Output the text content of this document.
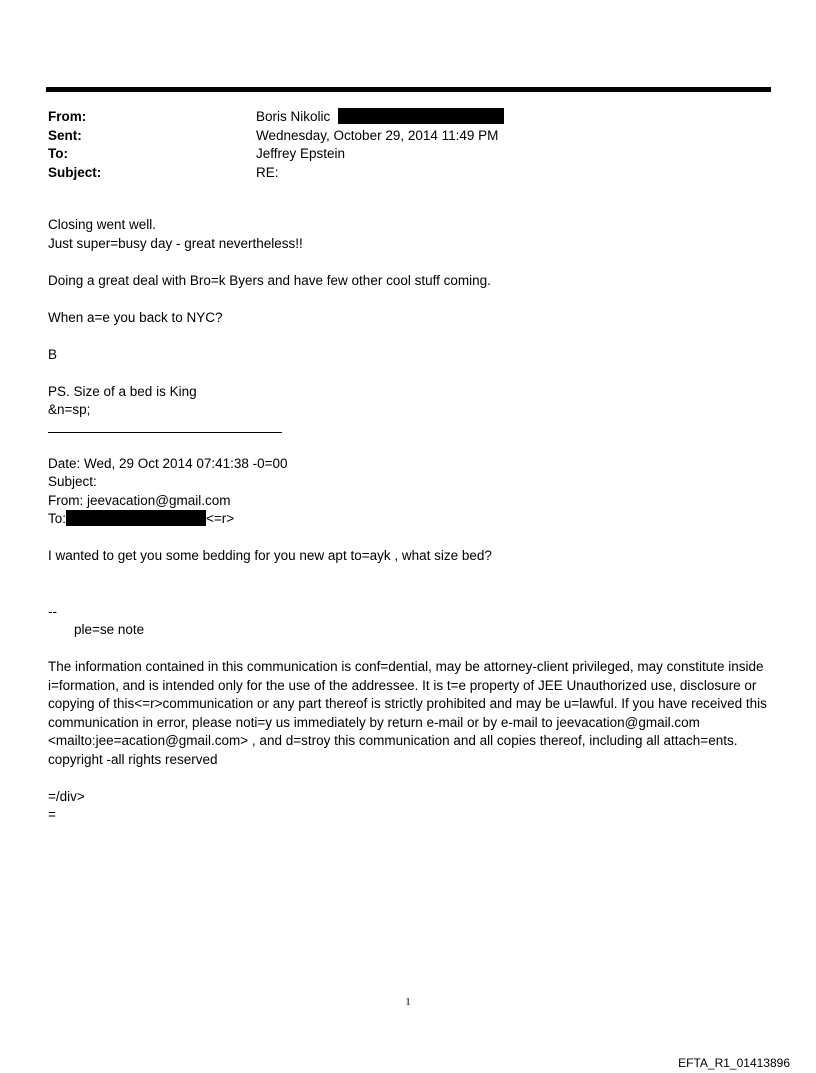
From:	Boris Nikolic
Sent:	Wednesday, October 29, 2014 11:49 PM
To:	Jeffrey Epstein
Subject:	RE:

Closing went well.

Just super=busy day - great nevertheless!!

Doing a great deal with Bro=k Byers and have few other cool stuff coming.

When a=e you back to NYC?

B

PS. Size of a bed is King

&n=sp;

Date: Wed, 29 Oct 2014 07:41:38 -0=00

Subject:

From: jeevacation@gmail.com

To:	<=r>

I wanted to get you some bedding for you new apt to=ayk , what size bed?

--

ple=se note

The information contained in this communication is conf=dential, may be attorney-client privileged, may constitute inside i=formation, and is intended only for the use of the addressee. It is t=e property of JEE Unauthorized use, disclosure or copying of this<=r>communication or any part thereof is strictly prohibited and may be u=lawful. If you have received this communication in error, please noti=y us immediately by return e-mail or by e-mail to jeevacation@gmail.com <mailto:jee=acation@gmail.com> , and d=stroy this communication and all copies thereof, including all attach=ents. copyright -all rights reserved

=/div>

=

1
EFTA_R1_01413896
